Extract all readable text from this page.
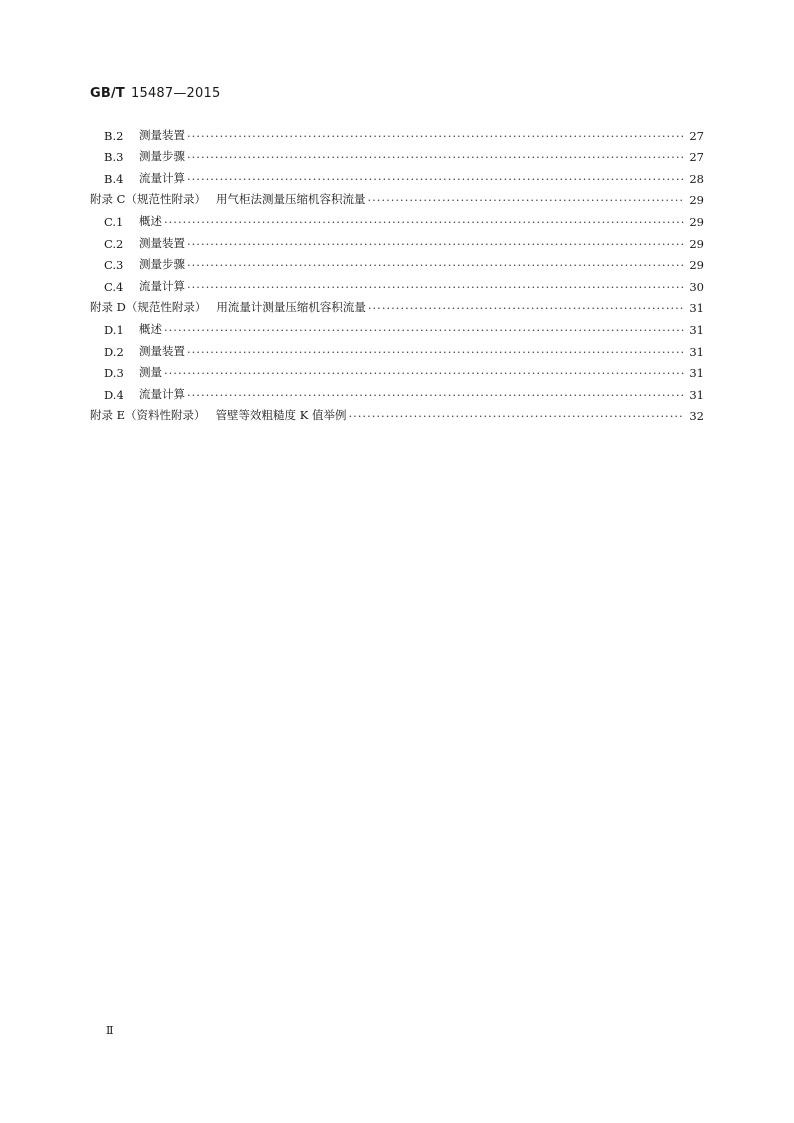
GB/T 15487—2015
B.2	测量装置 ·····	27
B.3	测量步骤 ·····	27
B.4	流量计算 ·····	28
附录 C（规范性附录） 用气柜法测量压缩机容积流量 ·····	29
C.1	概述 ·····	29
C.2	测量装置 ·····	29
C.3	测量步骤 ·····	29
C.4	流量计算 ·····	30
附录 D（规范性附录） 用流量计测量压缩机容积流量 ·····	31
D.1	概述 ·····	31
D.2	测量装置 ·····	31
D.3	测量 ·····	31
D.4	流量计算 ·····	31
附录 E（资料性附录） 管壁等效粗糙度 K 值举例 ·····	32
Ⅱ
